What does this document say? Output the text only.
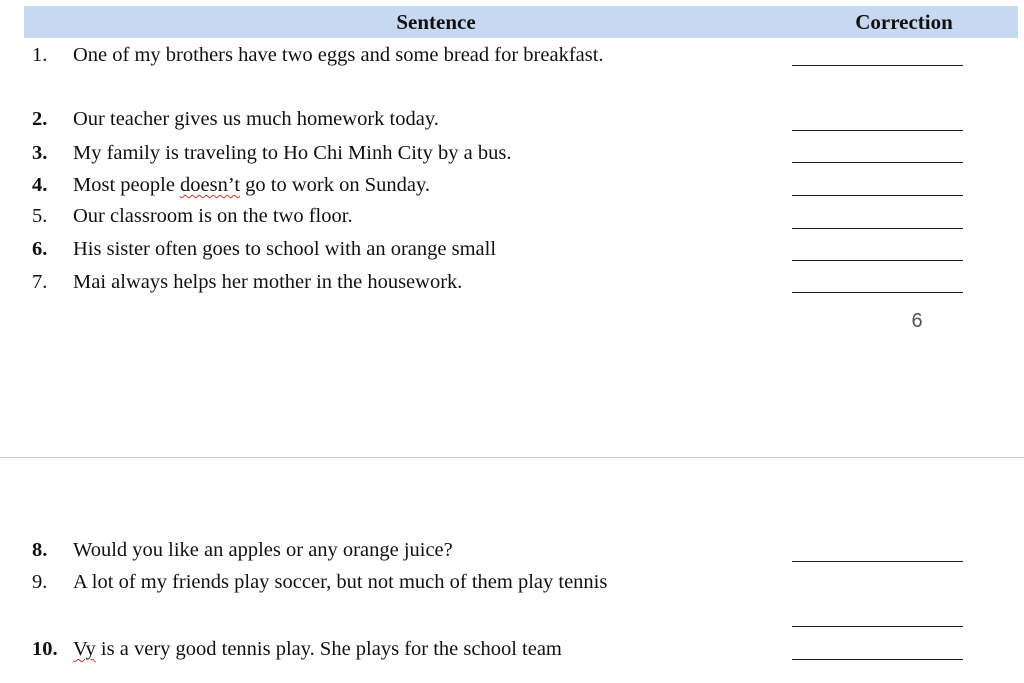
Sentence	Correction
1.	One of my brothers have two eggs and some bread for breakfast.
2.	Our teacher gives us much homework today.
3.	My family is traveling to Ho Chi Minh City by a bus.
4.	Most people doesn’t go to work on Sunday.
5.	Our classroom is on the two floor.
6.	His sister often goes to school with an orange small
7.	Mai always helps her mother in the housework.
6
8.	Would you like an apples or any orange juice?
9.	A lot of my friends play soccer, but not much of them play tennis
10. Vy is a very good tennis play. She plays for the school team
